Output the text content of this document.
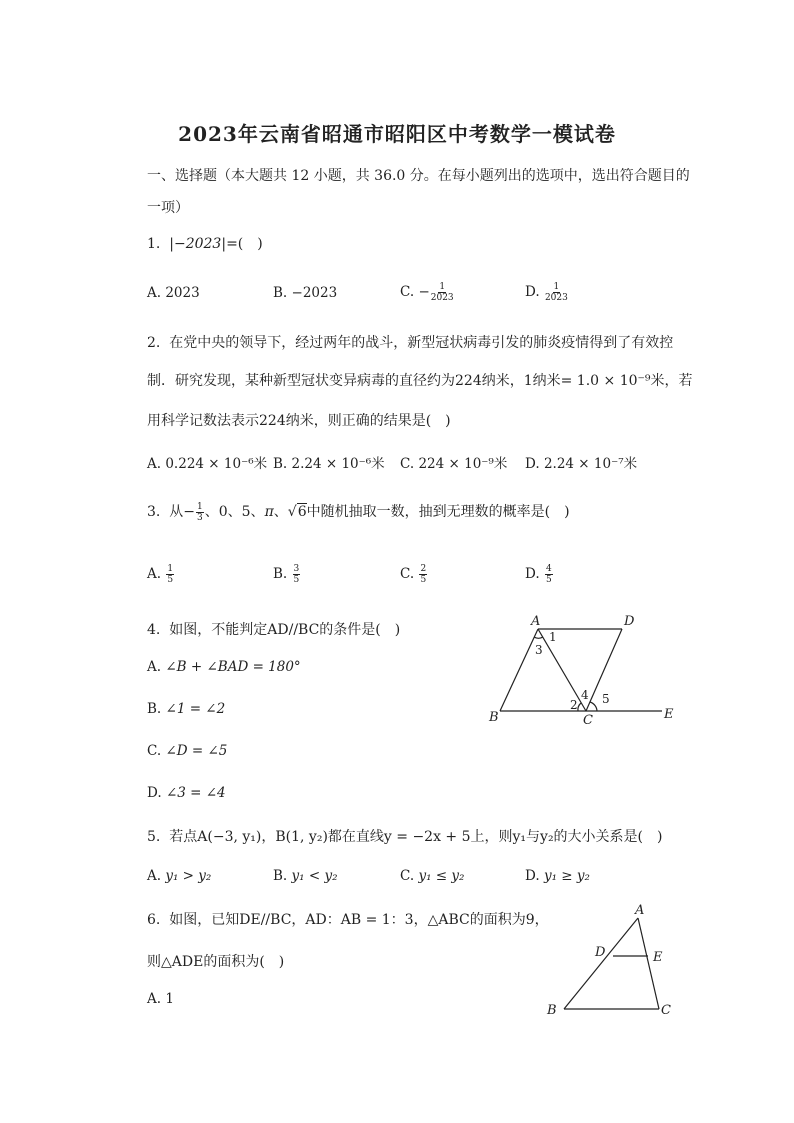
2023年云南省昭通市昭阳区中考数学一模试卷
一、选择题（本大题共 12 小题，共 36.0 分。在每小题列出的选项中，选出符合题目的
一项）
1. |−2023|=(　)
A. 2023	B. −2023	C. − $\frac{1}{2023}$	D. $\frac{1}{2023}$
2. 在党中央的领导下，经过两年的战斗，新型冠状病毒引发的肺炎疫情得到了有效控
制．研究发现，某种新型冠状变异病毒的直径约为224纳米，1纳米= 1.0 × 10⁻⁹米，若
用科学记数法表示224纳米，则正确的结果是(　)
A. 0.224 × 10⁻⁶米 B. 2.24 × 10⁻⁶米 C. 224 × 10⁻⁹米 D. 2.24 × 10⁻⁷米
3. 从− $\frac{1}{3}$ 、0、5、π、√6中随机抽取一数，抽到无理数的概率是(　)
A. $\frac{1}{5}$	B. $\frac{3}{5}$	C. $\frac{2}{5}$	D. $\frac{4}{5}$
4. 如图，不能判定AD//BC的条件是(　)
A. ∠B + ∠BAD = 180°
B. ∠1 = ∠2
C. ∠D = ∠5
D. ∠3 = ∠4
A	D
B	C	E
1
3
2
4 5
5. 若点A(−3, y₁)，B(1, y₂)都在直线y = −2x + 5上，则y₁与y₂的大小关系是(　)
A. y₁ > y₂	B. y₁ < y₂	C. y₁ ≤ y₂	D. y₁ ≥ y₂
6. 如图，已知DE//BC，AD：AB = 1：3，△ABC的面积为9，
则△ADE的面积为(　)
A. 1
A
D	E
B	C
